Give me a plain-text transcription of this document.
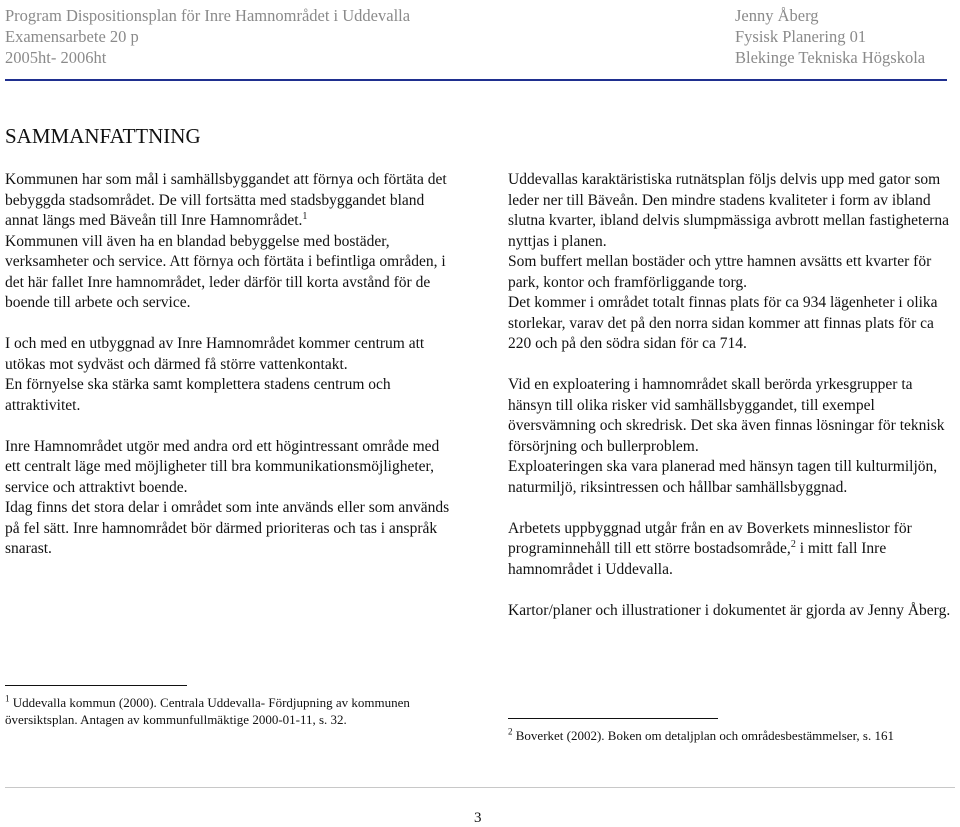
Program Dispositionsplan för Inre Hamnområdet i Uddevalla
Examensarbete 20 p
2005ht- 2006ht
Jenny Åberg
Fysisk Planering 01
Blekinge Tekniska Högskola
SAMMANFATTNING

Kommunen har som mål i samhällsbyggandet att förnya och förtäta det bebyggda stadsområdet. De vill fortsätta med stadsbyggandet bland annat längs med Bäveån till Inre Hamnområdet.$^1$
Kommunen vill även ha en blandad bebyggelse med bostäder, verksamheter och service. Att förnya och förtäta i befintliga områden, i det här fallet Inre hamnområdet, leder därför till korta avstånd för de boende till arbete och service.

I och med en utbyggnad av Inre Hamnområdet kommer centrum att utökas mot sydväst och därmed få större vattenkontakt.
En förnyelse ska stärka samt komplettera stadens centrum och attraktivitet.

Inre Hamnområdet utgör med andra ord ett högintressant område med ett centralt läge med möjligheter till bra kommunikationsmöjligheter, service och attraktivt boende.
Idag finns det stora delar i området som inte används eller som används på fel sätt. Inre hamnområdet bör därmed prioriteras och tas i anspråk snarast.

Uddevallas karaktäristiska rutnätsplan följs delvis upp med gator som leder ner till Bäveån. Den mindre stadens kvaliteter i form av ibland slutna kvarter, ibland delvis slumpmässiga avbrott mellan fastigheterna nyttjas i planen.
Som buffert mellan bostäder och yttre hamnen avsätts ett kvarter för park, kontor och framförliggande torg.
Det kommer i området totalt finnas plats för ca 934 lägenheter i olika storlekar, varav det på den norra sidan kommer att finnas plats för ca 220 och på den södra sidan för ca 714.

Vid en exploatering i hamnområdet skall berörda yrkesgrupper ta hänsyn till olika risker vid samhällsbyggandet, till exempel översvämning och skredrisk. Det ska även finnas lösningar för teknisk försörjning och bullerproblem.
Exploateringen ska vara planerad med hänsyn tagen till kulturmiljön, naturmiljö, riksintressen och hållbar samhällsbyggnad.

Arbetets uppbyggnad utgår från en av Boverkets minneslistor för programinnehåll till ett större bostadsområde,$^2$ i mitt fall Inre hamnområdet i Uddevalla.

Kartor/planer och illustrationer i dokumentet är gjorda av Jenny Åberg.

$^1$ Uddevalla kommun (2000). Centrala Uddevalla- Fördjupning av kommunen översiktsplan. Antagen av kommunfullmäktige 2000-01-11, s. 32.
$^2$ Boverket (2002). Boken om detaljplan och områdesbestämmelser, s. 161
3
